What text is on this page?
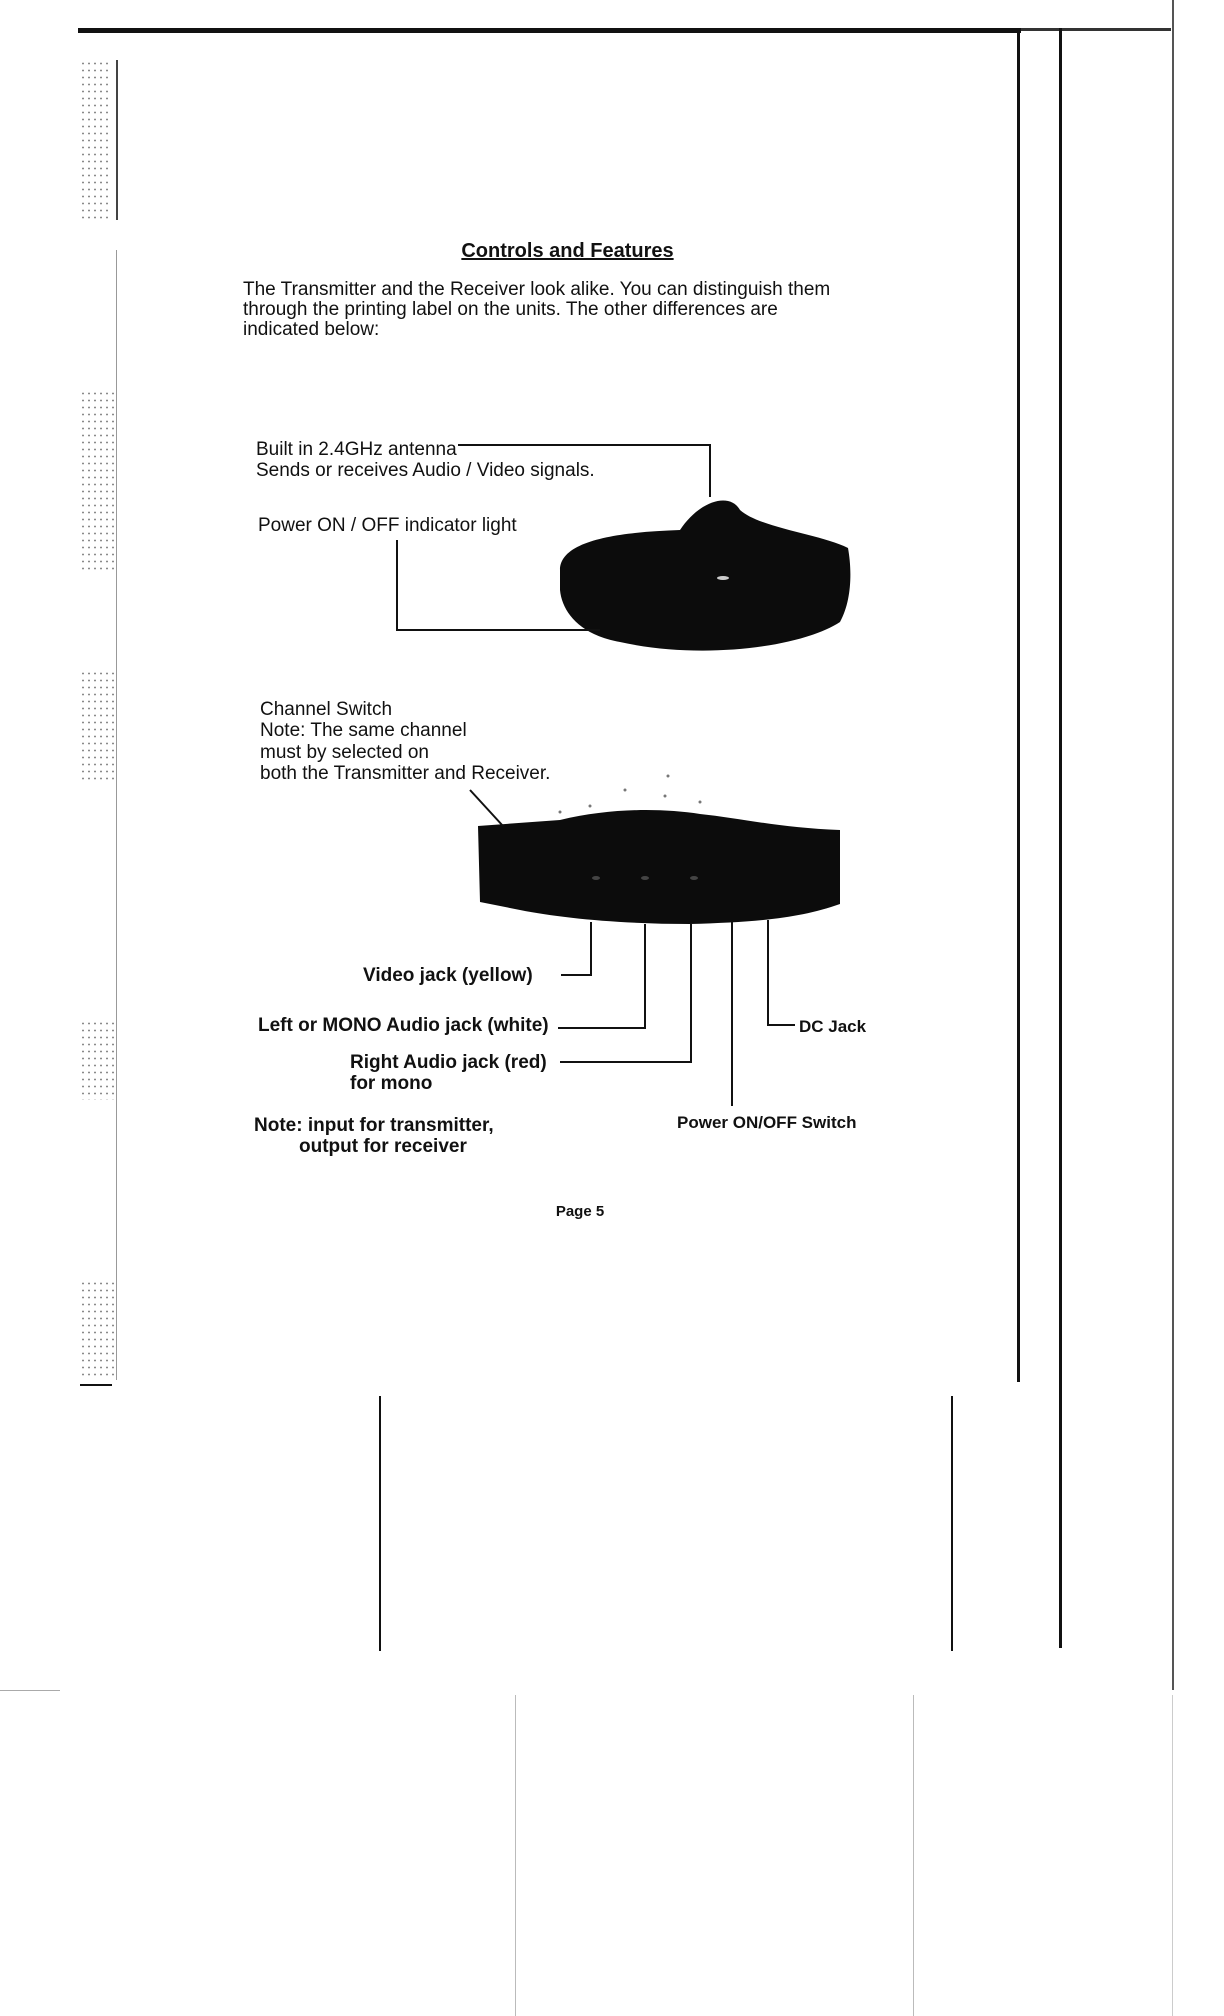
Controls and Features
The Transmitter and the Receiver look alike. You can distinguish them
through the printing label on the units. The other differences are
indicated below:
Built in 2.4GHz antenna
Sends or receives Audio / Video signals.
Power ON / OFF indicator light
Channel Switch
Note: The same channel
must by selected on
both the Transmitter and Receiver.
Video jack (yellow)
Left or MONO Audio jack (white)
Right Audio jack (red)
for mono
DC Jack
Power ON/OFF Switch
Note: input for transmitter,
output for receiver
Page 5
